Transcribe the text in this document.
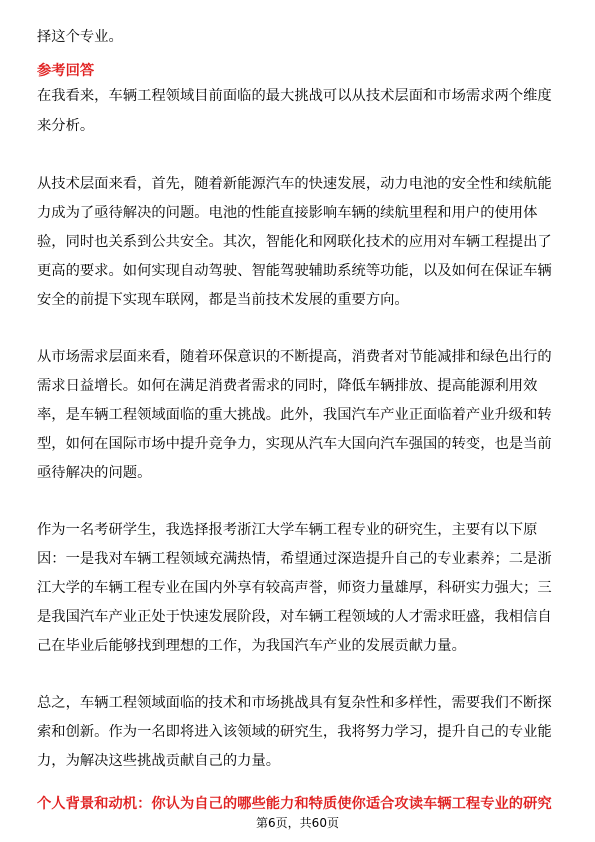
择这个专业。

参考回答

在我看来，车辆工程领域目前面临的最大挑战可以从技术层面和市场需求两个维度

来分析。

从技术层面来看，首先，随着新能源汽车的快速发展，动力电池的安全性和续航能

力成为了亟待解决的问题。电池的性能直接影响车辆的续航里程和用户的使用体

验，同时也关系到公共安全。其次，智能化和网联化技术的应用对车辆工程提出了

更高的要求。如何实现自动驾驶、智能驾驶辅助系统等功能，以及如何在保证车辆

安全的前提下实现车联网，都是当前技术发展的重要方向。

从市场需求层面来看，随着环保意识的不断提高，消费者对节能减排和绿色出行的

需求日益增长。如何在满足消费者需求的同时，降低车辆排放、提高能源利用效

率，是车辆工程领域面临的重大挑战。此外，我国汽车产业正面临着产业升级和转

型，如何在国际市场中提升竞争力，实现从汽车大国向汽车强国的转变，也是当前

亟待解决的问题。

作为一名考研学生，我选择报考浙江大学车辆工程专业的研究生，主要有以下原

因：一是我对车辆工程领域充满热情，希望通过深造提升自己的专业素养；二是浙

江大学的车辆工程专业在国内外享有较高声誉，师资力量雄厚，科研实力强大；三

是我国汽车产业正处于快速发展阶段，对车辆工程领域的人才需求旺盛，我相信自

己在毕业后能够找到理想的工作，为我国汽车产业的发展贡献力量。

总之，车辆工程领域面临的技术和市场挑战具有复杂性和多样性，需要我们不断探

索和创新。作为一名即将进入该领域的研究生，我将努力学习，提升自己的专业能

力，为解决这些挑战贡献自己的力量。

个人背景和动机：你认为自己的哪些能力和特质使你适合攻读车辆工程专业的研究

第6页，共60页
